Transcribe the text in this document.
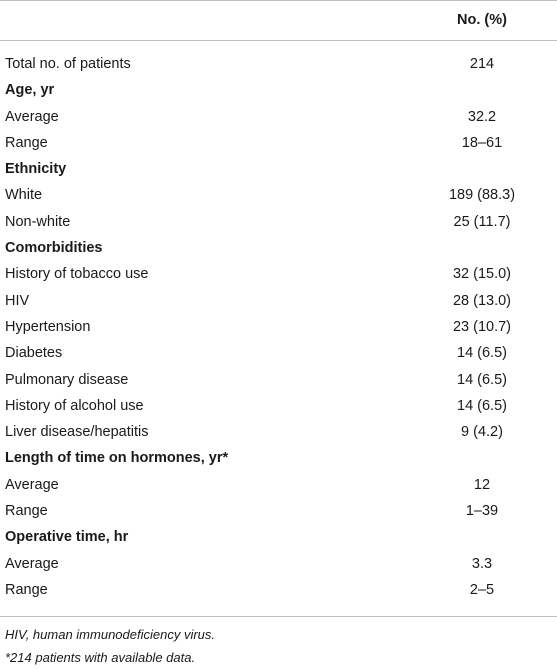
No. (%)
Total no. of patients	214
Age, yr
Average	32.2
Range	18–61
Ethnicity
White	189 (88.3)
Non-white	25 (11.7)
Comorbidities
History of tobacco use	32 (15.0)
HIV	28 (13.0)
Hypertension	23 (10.7)
Diabetes	14 (6.5)
Pulmonary disease	14 (6.5)
History of alcohol use	14 (6.5)
Liver disease/hepatitis	9 (4.2)
Length of time on hormones, yr*
Average	12
Range	1–39
Operative time, hr
Average	3.3
Range	2–5
HIV, human immunodeficiency virus.
*214 patients with available data.
